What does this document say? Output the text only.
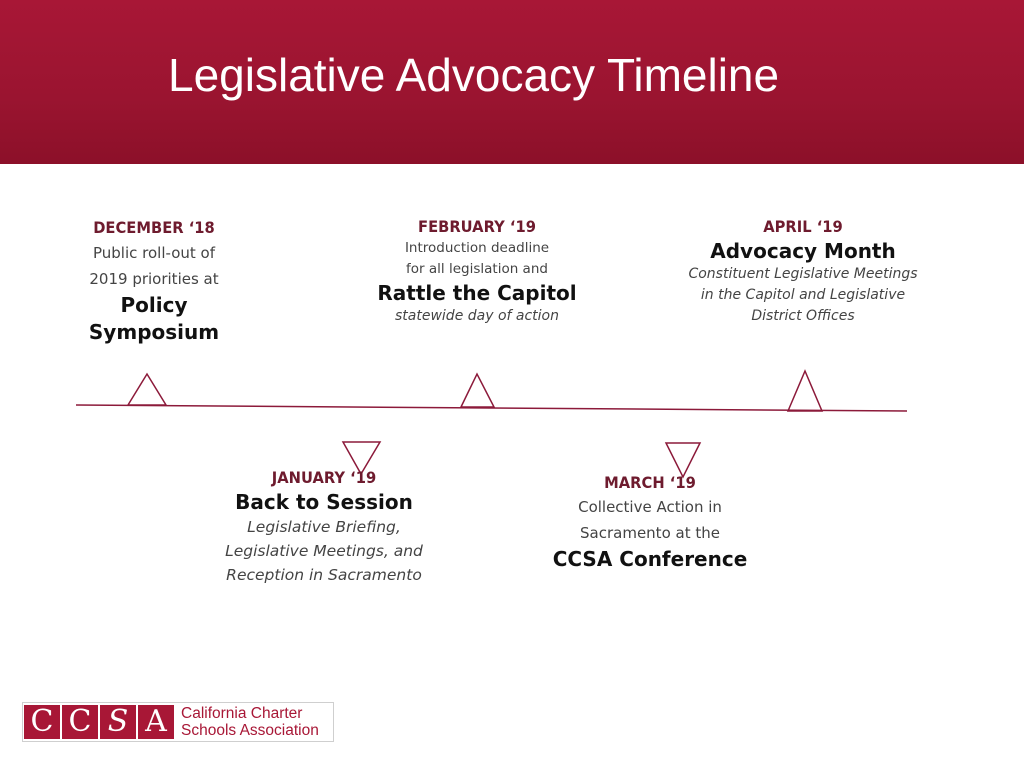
Legislative Advocacy Timeline
DECEMBER ‘18
Public roll-out of
2019 priorities at
Policy
Symposium
FEBRUARY ‘19
Introduction deadline
for all legislation and
Rattle the Capitol
statewide day of action
APRIL ‘19
Advocacy Month
Constituent Legislative Meetings
in the Capitol and Legislative
District Offices
JANUARY ‘19
Back to Session
Legislative Briefing,
Legislative Meetings, and
Reception in Sacramento
MARCH ‘19
Collective Action in
Sacramento at the
CCSA Conference
C C S A California Charter
Schools Association
